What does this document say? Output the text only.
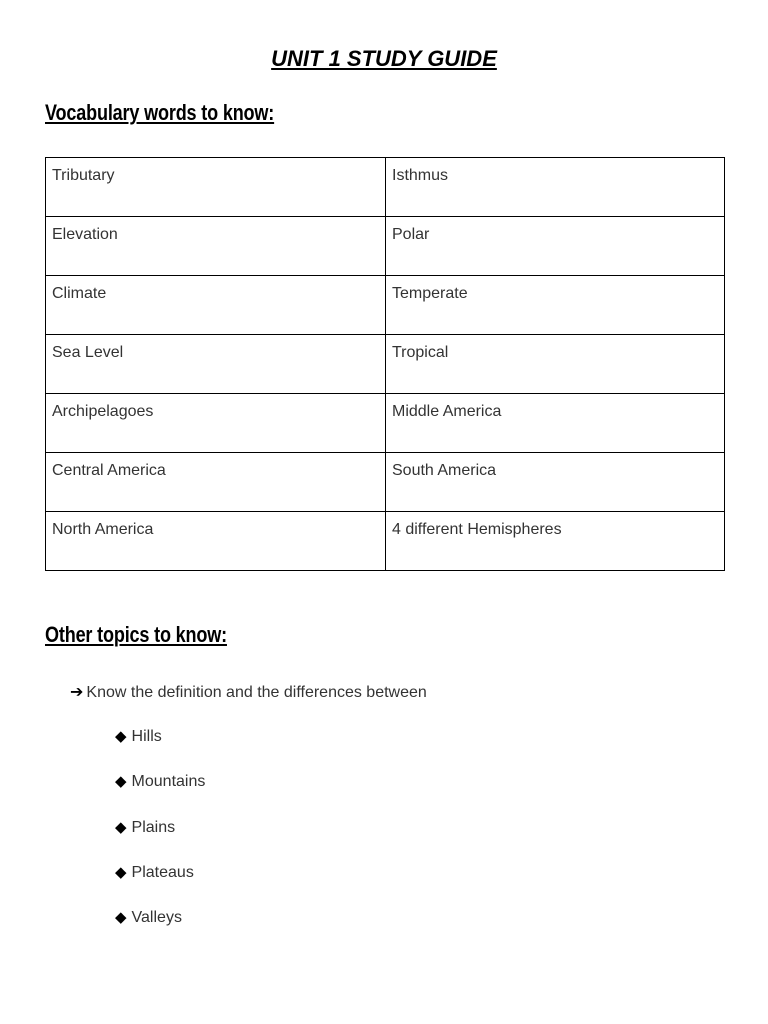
UNIT 1 STUDY GUIDE
Vocabulary words to know:
Tributary	Isthmus
Elevation	Polar
Climate	Temperate
Sea Level	Tropical
Archipelagoes	Middle America
Central America	South America
North America	4 different Hemispheres
Other topics to know:
➔ Know the definition and the differences between
◆ Hills
◆ Mountains
◆ Plains
◆ Plateaus
◆ Valleys
